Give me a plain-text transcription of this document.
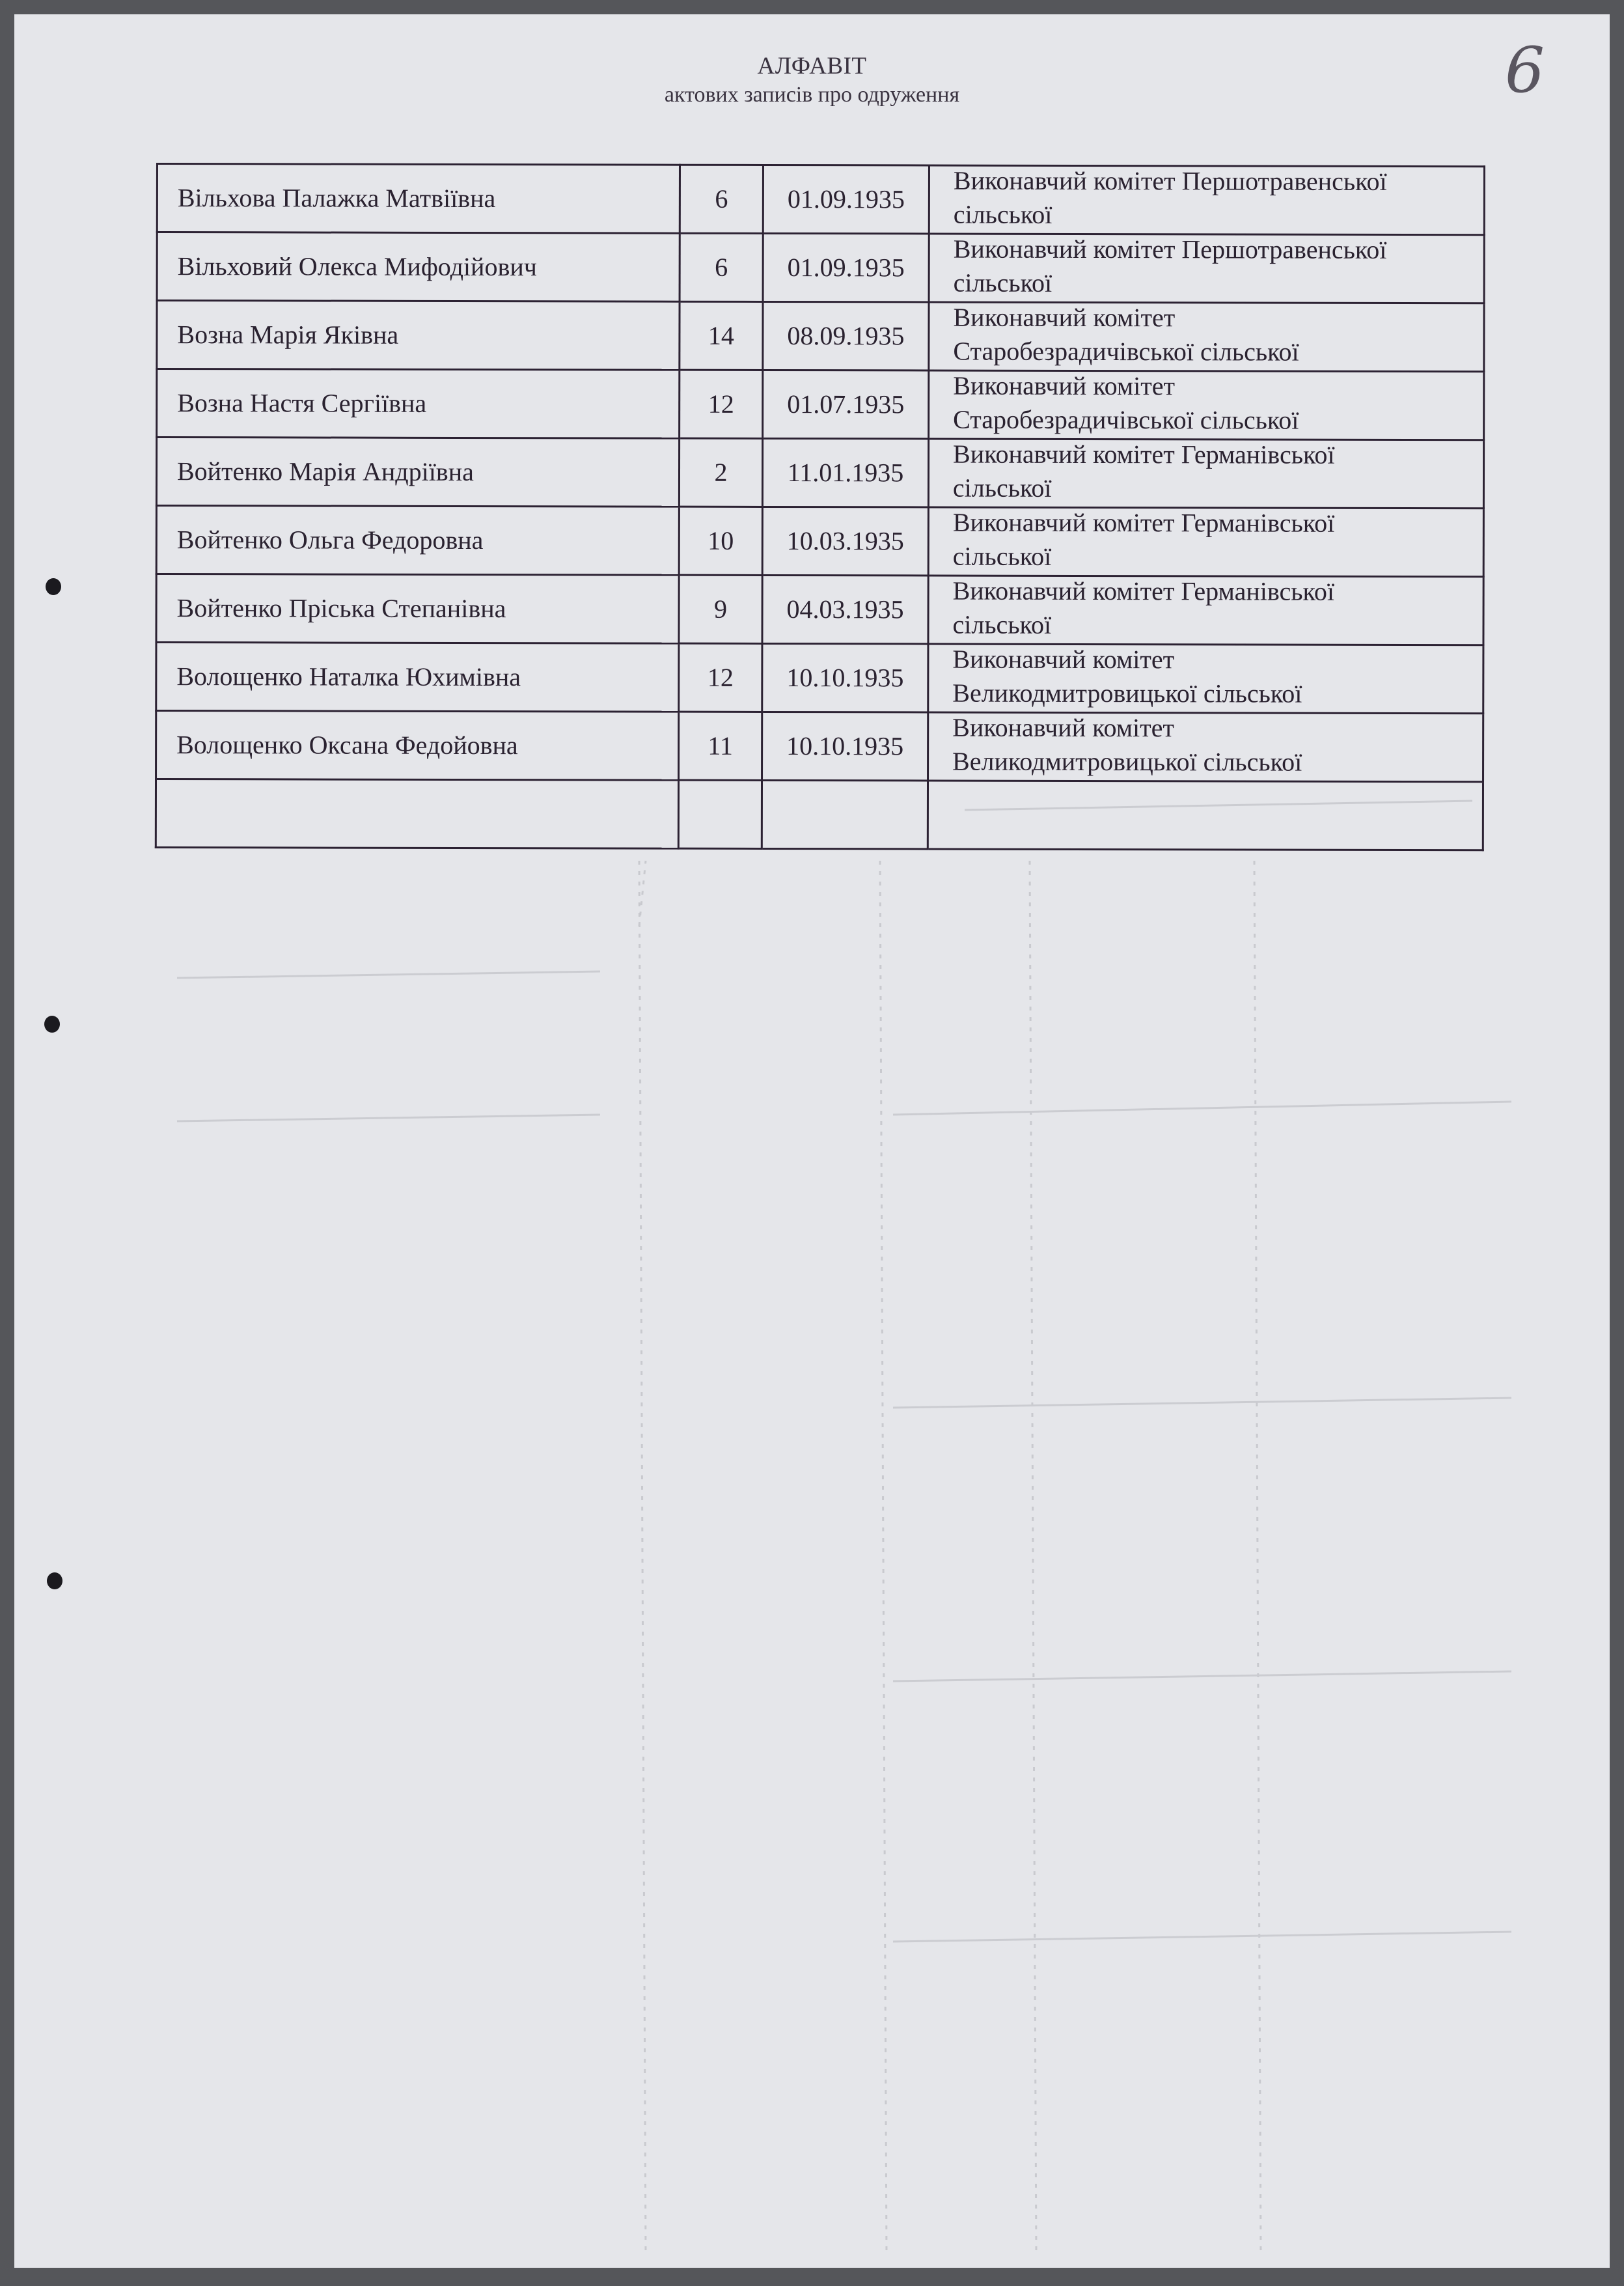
6
АЛФАВІТ
актових записів про одруження
Вільхова Палажка Матвіївна	6	01.09.1935	Виконавчий комітет Першотравенської
сільської

Вільховий Олекса Мифодійович	6	01.09.1935	Виконавчий комітет Першотравенської
сільської

Возна Марія Яківна	14	08.09.1935	Виконавчий комітет
Старобезрадичівської сільської

Возна Настя Сергіївна	12	01.07.1935	Виконавчий комітет
Старобезрадичівської сільської

Войтенко Марія Андріївна	2	11.01.1935	Виконавчий комітет Германівської
сільської

Войтенко Ольга Федоровна	10	10.03.1935	Виконавчий комітет Германівської
сільської

Войтенко Пріська Степанівна	9	04.03.1935	Виконавчий комітет Германівської
сільської

Волощенко Наталка Юхимівна	12	10.10.1935	Виконавчий комітет
Великодмитровицької сільської

Волощенко Оксана Федойовна	11	10.10.1935	Виконавчий комітет
Великодмитровицької сільської
